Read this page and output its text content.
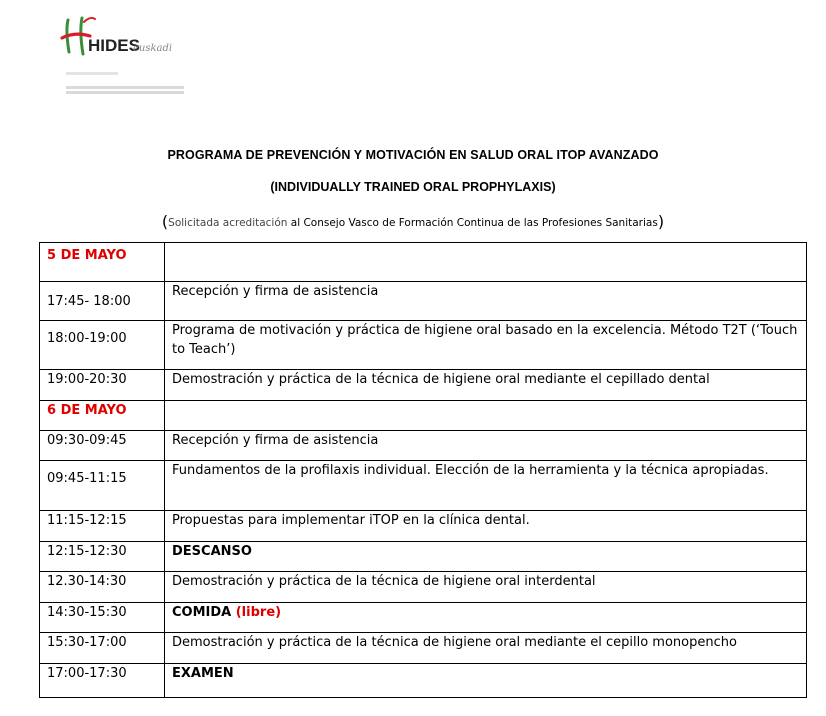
HIDES
euskadi
PROGRAMA DE PREVENCIÓN Y MOTIVACIÓN EN SALUD ORAL ITOP AVANZADO
(INDIVIDUALLY TRAINED ORAL PROPHYLAXIS)
(Solicitada acreditación al Consejo Vasco de Formación Continua de las Profesiones Sanitarias)
5 DE MAYO	
17:45- 18:00	Recepción y firma de asistencia
18:00-19:00	Programa de motivación y práctica de higiene oral basado en la excelencia. Método T2T (‘Touch to Teach’)
19:00-20:30	Demostración y práctica de la técnica de higiene oral mediante el cepillado dental
6 DE MAYO	
09:30-09:45	Recepción y firma de asistencia
09:45-11:15	Fundamentos de la profilaxis individual. Elección de la herramienta y la técnica apropiadas.
11:15-12:15	Propuestas para implementar iTOP en la clínica dental.
12:15-12:30	DESCANSO
12.30-14:30	Demostración y práctica de la técnica de higiene oral interdental
14:30-15:30	COMIDA (libre)
15:30-17:00	Demostración y práctica de la técnica de higiene oral mediante el cepillo monopencho
17:00-17:30	EXAMEN
